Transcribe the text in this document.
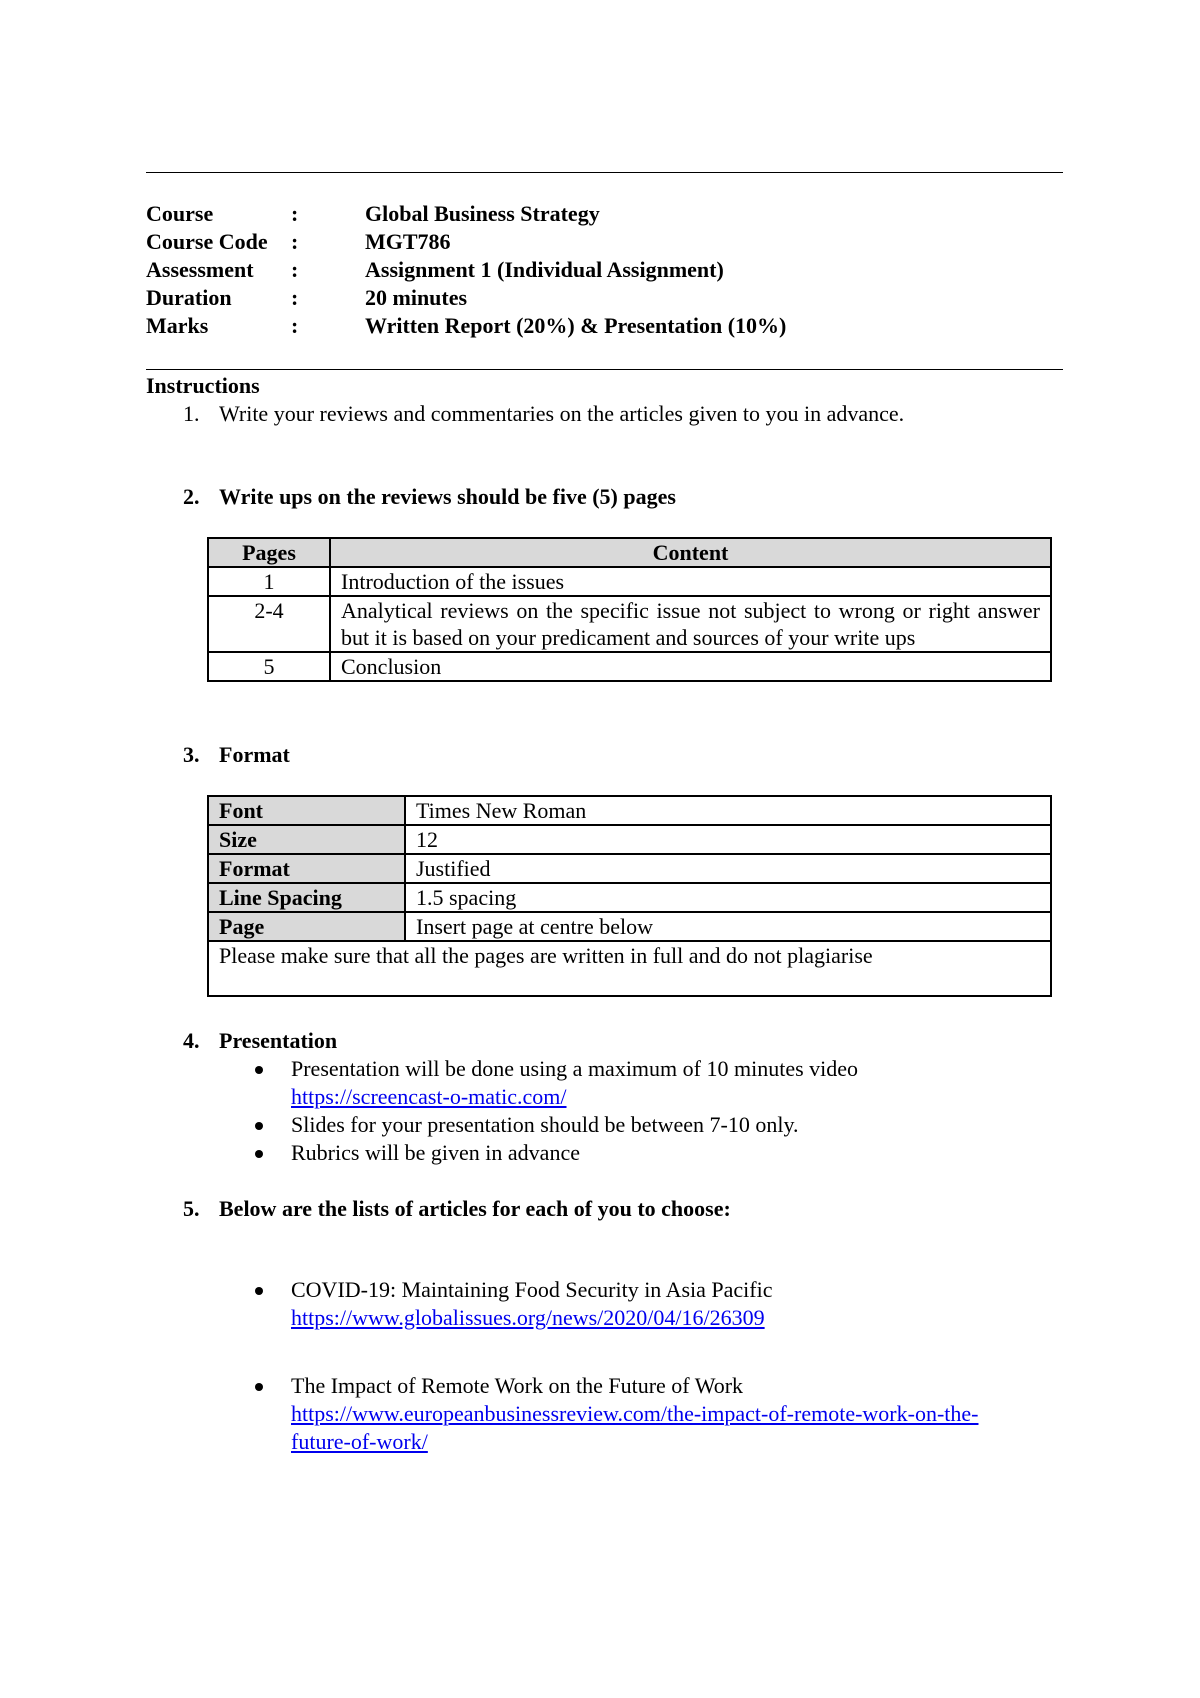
Course	:	Global Business Strategy
Course Code	:	MGT786
Assessment	:	Assignment 1 (Individual Assignment)
Duration	:	20 minutes
Marks	:	Written Report (20%) & Presentation (10%)
Instructions
1. Write your reviews and commentaries on the articles given to you in advance.
2. Write ups on the reviews should be five (5) pages
Pages	Content
1	Introduction of the issues
2-4	Analytical reviews on the specific issue not subject to wrong or right answer but it is based on your predicament and sources of your write ups
5	Conclusion
3. Format
Font	Times New Roman
Size	12
Format	Justified
Line Spacing	1.5 spacing
Page	Insert page at centre below
Please make sure that all the pages are written in full and do not plagiarise	
4. Presentation
Presentation will be done using a maximum of 10 minutes video
https://screencast-o-matic.com/
Slides for your presentation should be between 7-10 only.
Rubrics will be given in advance
5. Below are the lists of articles for each of you to choose:
COVID-19: Maintaining Food Security in Asia Pacific
https://www.globalissues.org/news/2020/04/16/26309
The Impact of Remote Work on the Future of Work
https://www.europeanbusinessreview.com/the-impact-of-remote-work-on-the-
future-of-work/
